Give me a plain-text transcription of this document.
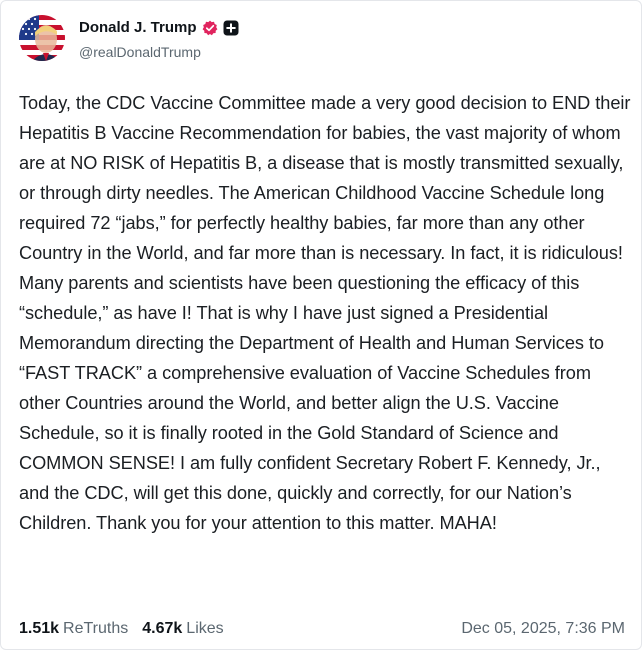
Donald J. Trump
@realDonaldTrump
Today, the CDC Vaccine Committee made a very good decision to END their Hepatitis B Vaccine Recommendation for babies, the vast majority of whom are at NO RISK of Hepatitis B, a disease that is mostly transmitted sexually, or through dirty needles. The American Childhood Vaccine Schedule long required 72 “jabs,” for perfectly healthy babies, far more than any other Country in the World, and far more than is necessary. In fact, it is ridiculous! Many parents and scientists have been questioning the efficacy of this “schedule,” as have I! That is why I have just signed a Presidential Memorandum directing the Department of Health and Human Services to “FAST TRACK” a comprehensive evaluation of Vaccine Schedules from other Countries around the World, and better align the U.S. Vaccine Schedule, so it is finally rooted in the Gold Standard of Science and COMMON SENSE! I am fully confident Secretary Robert F. Kennedy, Jr., and the CDC, will get this done, quickly and correctly, for our Nation’s Children. Thank you for your attention to this matter. MAHA!
1.51k ReTruths 4.67k Likes	Dec 05, 2025, 7:36 PM
